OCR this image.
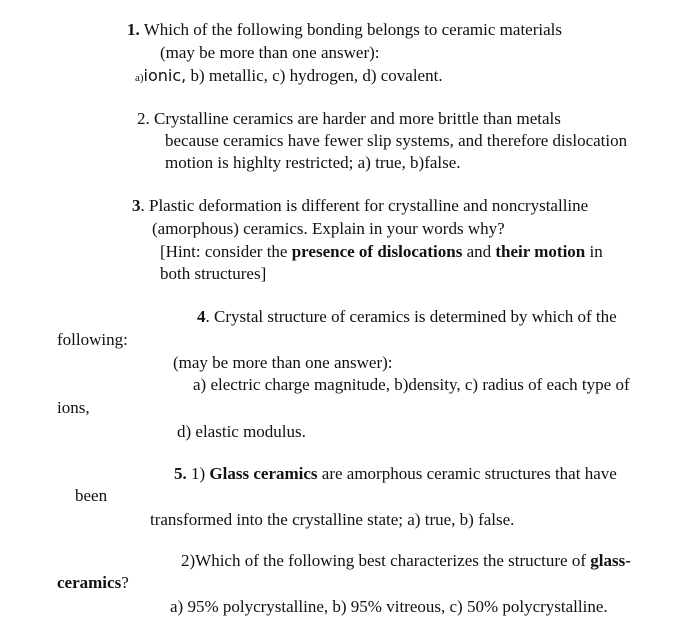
1. Which of the following bonding belongs to ceramic materials
(may be more than one answer):
a)ionic, b) metallic, c) hydrogen, d) covalent.
2. Crystalline ceramics are harder and more brittle than metals
because ceramics have fewer slip systems, and therefore dislocation
motion is highlty restricted; a) true, b)false.
3. Plastic deformation is different for crystalline and noncrystalline
(amorphous) ceramics. Explain in your words why?
[Hint: consider the presence of dislocations and their motion in
both structures]
4. Crystal structure of ceramics is determined by which of the
following:
(may be more than one answer):
a) electric charge magnitude, b)density, c) radius of each type of
ions,
d) elastic modulus.
5. 1) Glass ceramics are amorphous ceramic structures that have
been
transformed into the crystalline state; a) true, b) false.
2)Which of the following best characterizes the structure of glass-
ceramics?
a) 95% polycrystalline, b) 95% vitreous, c) 50% polycrystalline.
